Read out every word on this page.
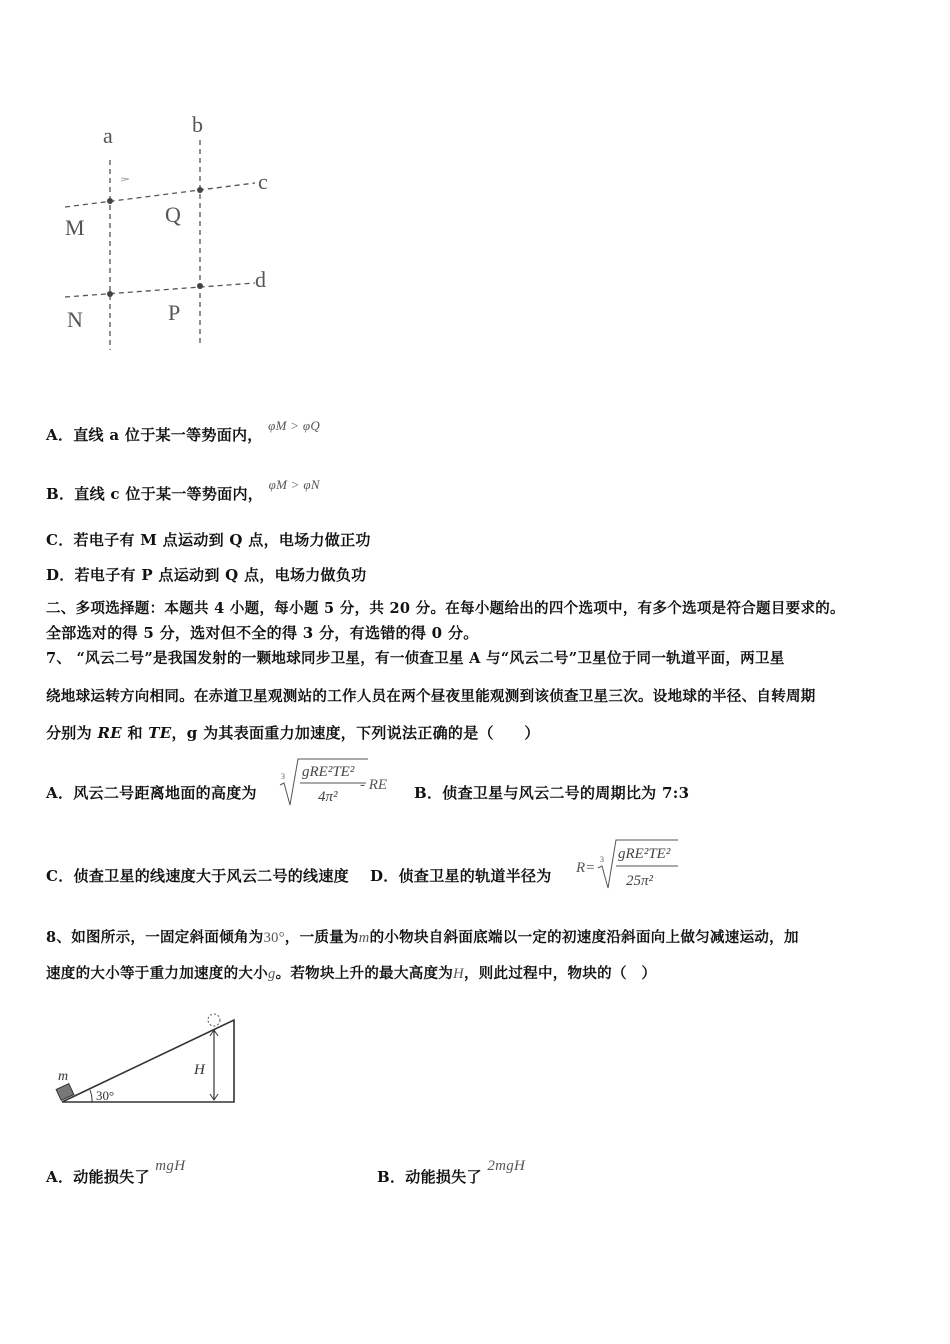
a	b
c
d
M
Q
N	P
A．直线 a 位于某一等势面内， φM > φQ
B．直线 c 位于某一等势面内， φM > φN
C．若电子有 M 点运动到 Q 点，电场力做正功
D．若电子有 P 点运动到 Q 点，电场力做负功
二、多项选择题：本题共 4 小题，每小题 5 分，共 20 分。在每小题给出的四个选项中，有多个选项是符合题目要求的。
全部选对的得 5 分，选对但不全的得 3 分，有选错的得 0 分。
7、 “风云二号”是我国发射的一颗地球同步卫星，有一侦查卫星 A 与“风云二号”卫星位于同一轨道平面，两卫星
绕地球运转方向相同。在赤道卫星观测站的工作人员在两个昼夜里能观测到该侦查卫星三次。设地球的半径、自转周期
分别为 RE 和 TE，g 为其表面重力加速度，下列说法正确的是（　　）
A．风云二号距离地面的高度为
3 gRE²TE²
4π²
- RE B．侦查卫星与风云二号的周期比为 7:3
C．侦查卫星的线速度大于风云二号的线速度 D．侦查卫星的轨道半径为 R=
3 gRE²TE²
25π²
8、如图所示，一固定斜面倾角为30°，一质量为m的小物块自斜面底端以一定的初速度沿斜面向上做匀减速运动，加
速度的大小等于重力加速度的大小g。若物块上升的最大高度为H，则此过程中，物块的（　）
m	H
30°
A．动能损失了 mgH
B．动能损失了 2mgH
